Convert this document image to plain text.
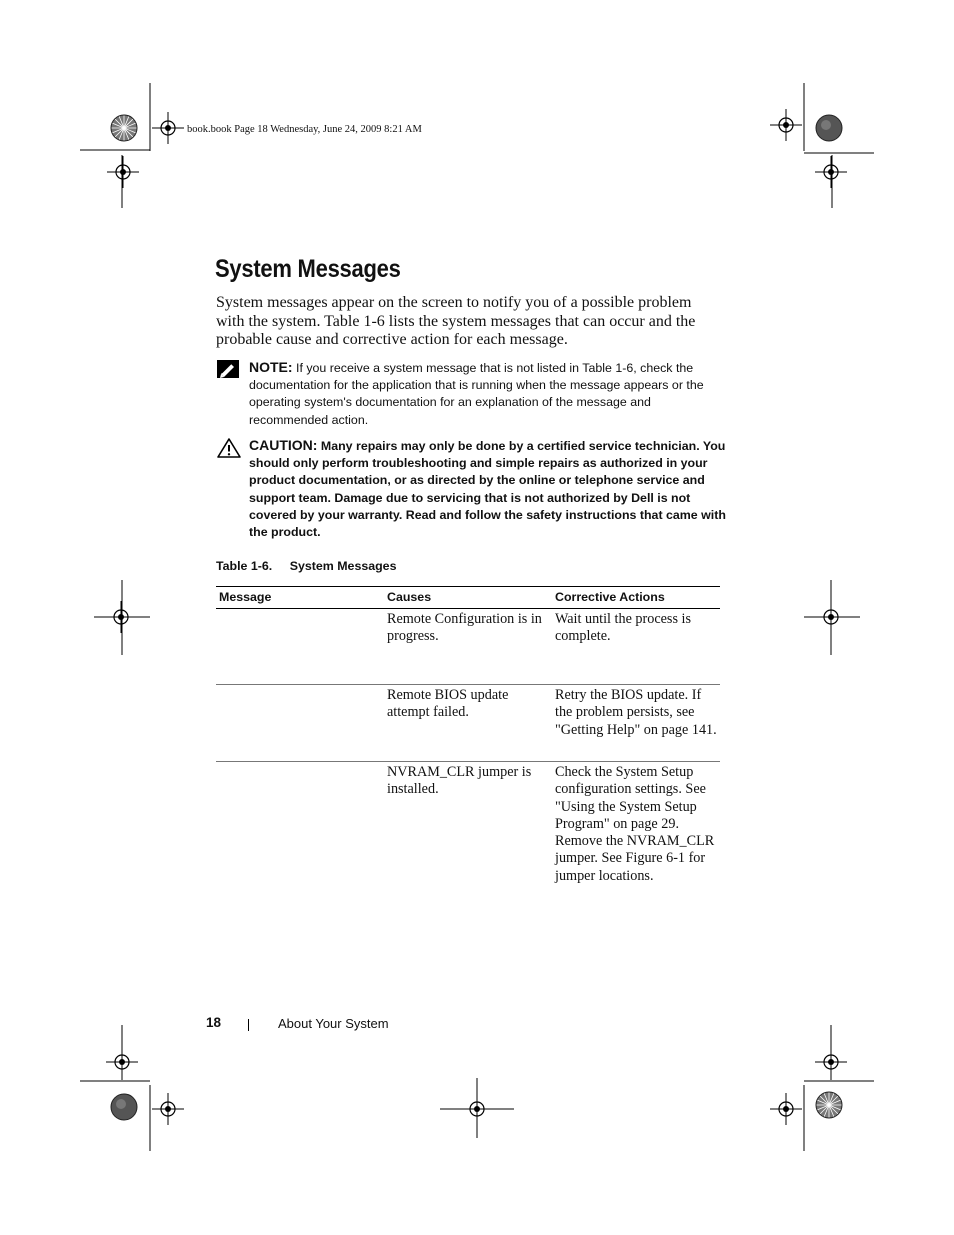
book.book Page 18 Wednesday, June 24, 2009 8:21 AM
System Messages
System messages appear on the screen to notify you of a possible problem with the system. Table 1-6 lists the system messages that can occur and the probable cause and corrective action for each message.
NOTE: If you receive a system message that is not listed in Table 1-6, check the documentation for the application that is running when the message appears or the operating system's documentation for an explanation of the message and recommended action.
CAUTION: Many repairs may only be done by a certified service technician. You should only perform troubleshooting and simple repairs as authorized in your product documentation, or as directed by the online or telephone service and support team. Damage due to servicing that is not authorized by Dell is not covered by your warranty. Read and follow the safety instructions that came with the product.
Table 1-6. System Messages
Message	Causes	Corrective Actions
	Remote Configuration is in progress.	Wait until the process is complete.
	Remote BIOS update attempt failed.	Retry the BIOS update. If the problem persists, see "Getting Help" on page 141.
	NVRAM_CLR jumper is installed.	Check the System Setup configuration settings. See "Using the System Setup Program" on page 29. Remove the NVRAM_CLR jumper. See Figure 6-1 for jumper locations.
18	About Your System
